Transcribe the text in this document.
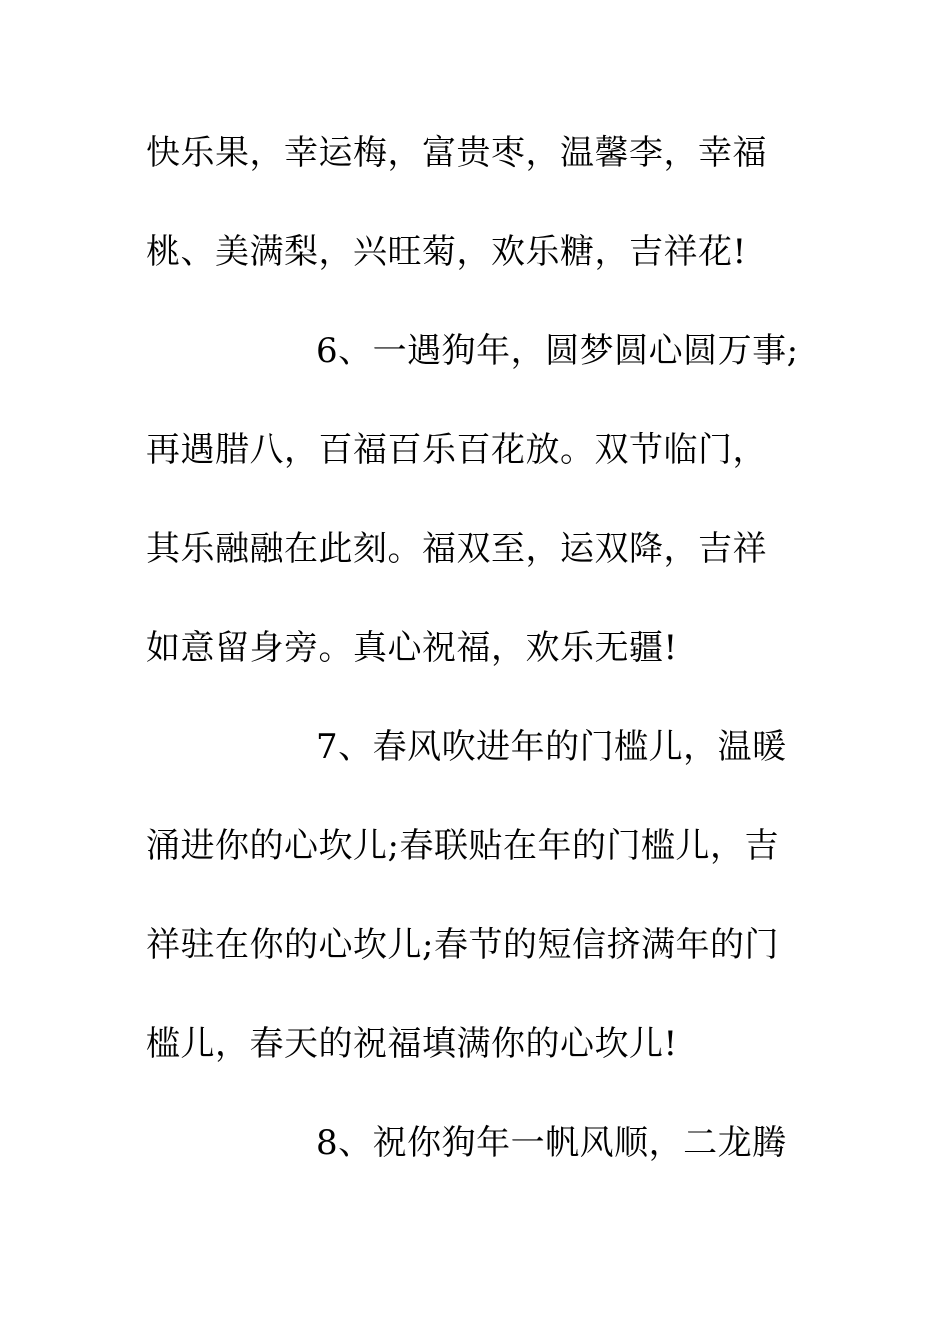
快乐果，幸运梅，富贵枣，温馨李，幸福
桃、美满梨，兴旺菊，欢乐糖，吉祥花!
6、一遇狗年，圆梦圆心圆万事;
再遇腊八，百福百乐百花放。双节临门，
其乐融融在此刻。福双至，运双降，吉祥
如意留身旁。真心祝福，欢乐无疆!
7、春风吹进年的门槛儿，温暖
涌进你的心坎儿;春联贴在年的门槛儿，吉
祥驻在你的心坎儿;春节的短信挤满年的门
槛儿，春天的祝福填满你的心坎儿!
8、祝你狗年一帆风顺，二龙腾
